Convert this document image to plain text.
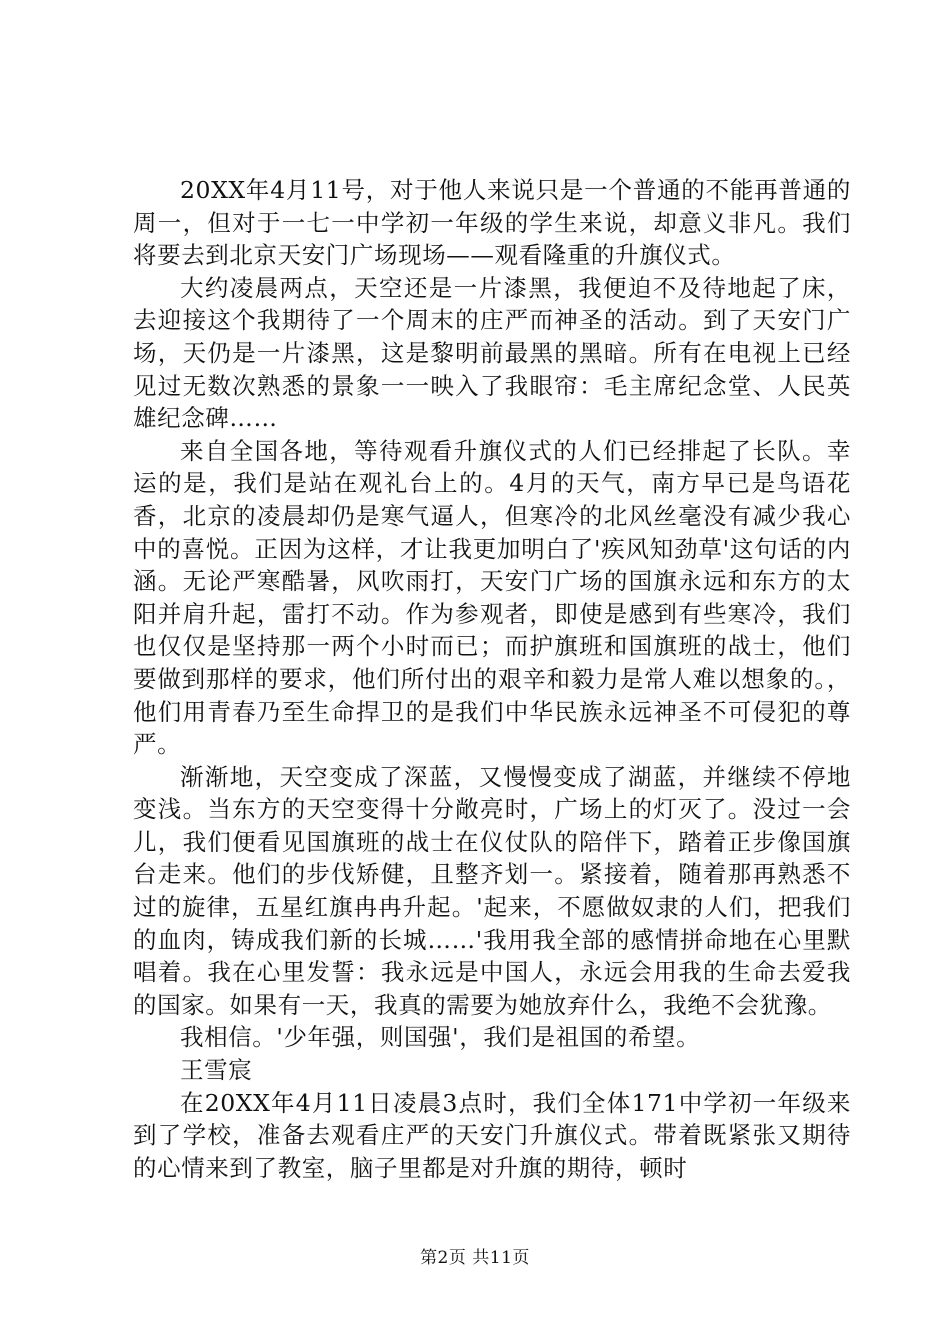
20XX年4月11号，对于他人来说只是一个普通的不能再普通的周一，但对于一七一中学初一年级的学生来说，却意义非凡。我们将要去到北京天安门广场现场——观看隆重的升旗仪式。

大约凌晨两点，天空还是一片漆黑，我便迫不及待地起了床，去迎接这个我期待了一个周末的庄严而神圣的活动。到了天安门广场，天仍是一片漆黑，这是黎明前最黑的黑暗。所有在电视上已经见过无数次熟悉的景象一一映入了我眼帘：毛主席纪念堂、人民英雄纪念碑……

来自全国各地，等待观看升旗仪式的人们已经排起了长队。幸运的是，我们是站在观礼台上的。4月的天气，南方早已是鸟语花香，北京的凌晨却仍是寒气逼人，但寒冷的北风丝毫没有减少我心中的喜悦。正因为这样，才让我更加明白了'疾风知劲草'这句话的内涵。无论严寒酷暑，风吹雨打，天安门广场的国旗永远和东方的太阳并肩升起，雷打不动。作为参观者，即使是感到有些寒冷，我们也仅仅是坚持那一两个小时而已；而护旗班和国旗班的战士，他们要做到那样的要求，他们所付出的艰辛和毅力是常人难以想象的。，他们用青春乃至生命捍卫的是我们中华民族永远神圣不可侵犯的尊严。

渐渐地，天空变成了深蓝，又慢慢变成了湖蓝，并继续不停地变浅。当东方的天空变得十分敞亮时，广场上的灯灭了。没过一会儿，我们便看见国旗班的战士在仪仗队的陪伴下，踏着正步像国旗台走来。他们的步伐矫健，且整齐划一。紧接着，随着那再熟悉不过的旋律，五星红旗冉冉升起。'起来，不愿做奴隶的人们，把我们的血肉，铸成我们新的长城……'我用我全部的感情拼命地在心里默唱着。我在心里发誓：我永远是中国人，永远会用我的生命去爱我的国家。如果有一天，我真的需要为她放弃什么，我绝不会犹豫。

我相信。'少年强，则国强'，我们是祖国的希望。

王雪宸

在20XX年4月11日凌晨3点时，我们全体171中学初一年级来到了学校，准备去观看庄严的天安门升旗仪式。带着既紧张又期待的心情来到了教室，脑子里都是对升旗的期待，顿时

第2页 共11页
